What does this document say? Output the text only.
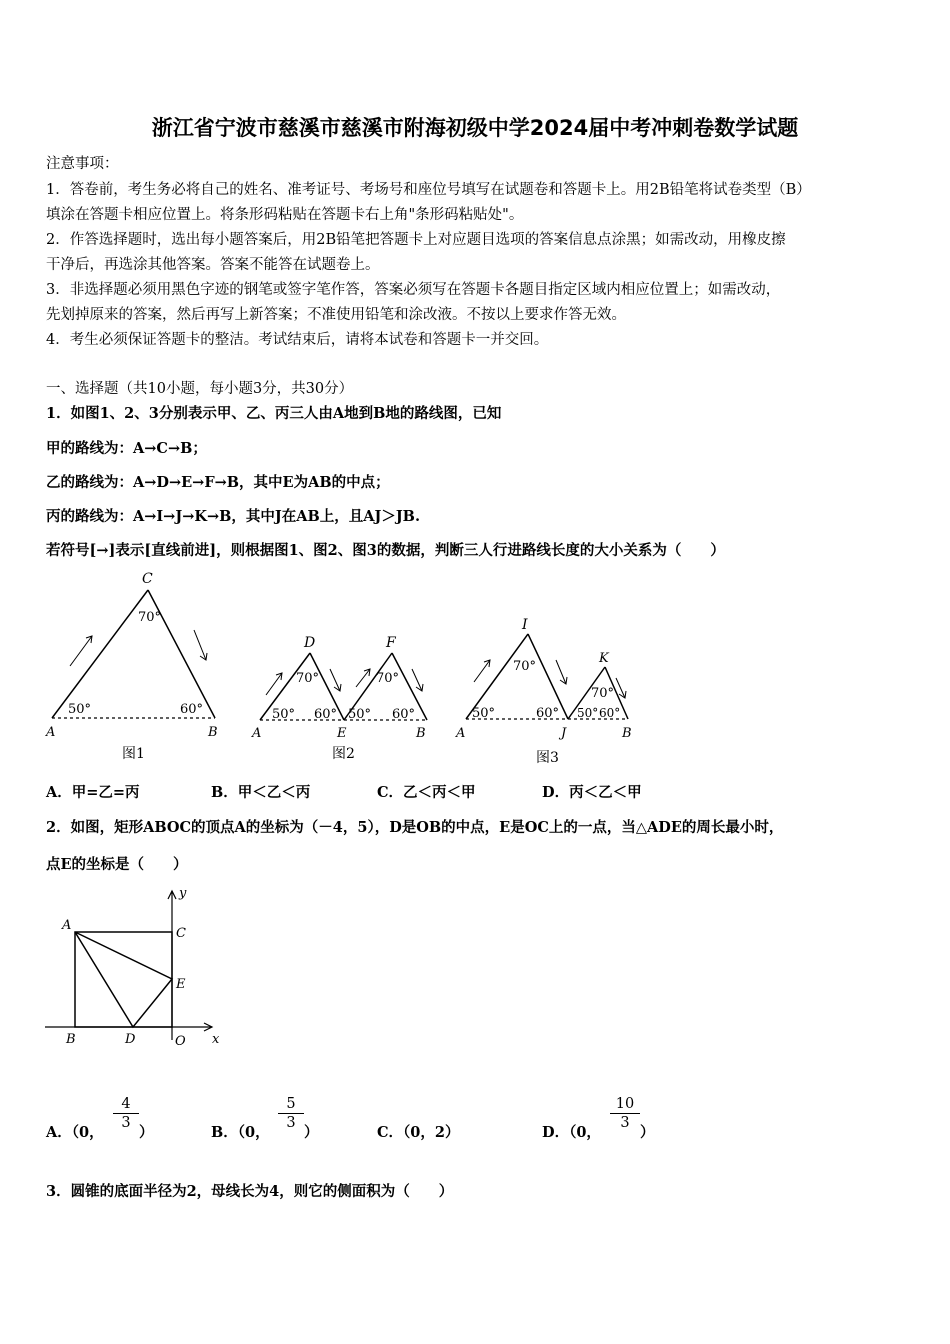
浙江省宁波市慈溪市慈溪市附海初级中学2024届中考冲刺卷数学试题
注意事项：
1．答卷前，考生务必将自己的姓名、准考证号、考场号和座位号填写在试题卷和答题卡上。用2B铅笔将试卷类型（B）
填涂在答题卡相应位置上。将条形码粘贴在答题卡右上角"条形码粘贴处"。
2．作答选择题时，选出每小题答案后，用2B铅笔把答题卡上对应题目选项的答案信息点涂黑；如需改动，用橡皮擦
干净后，再选涂其他答案。答案不能答在试题卷上。
3．非选择题必须用黑色字迹的钢笔或签字笔作答，答案必须写在答题卡各题目指定区域内相应位置上；如需改动，
先划掉原来的答案，然后再写上新答案；不准使用铅笔和涂改液。不按以上要求作答无效。
4．考生必须保证答题卡的整洁。考试结束后，请将本试卷和答题卡一并交回。
一、选择题（共10小题，每小题3分，共30分）
1．如图1、2、3分别表示甲、乙、丙三人由A地到B地的路线图，已知
甲的路线为：A→C→B；
乙的路线为：A→D→E→F→B，其中E为AB的中点；
丙的路线为：A→I→J→K→B，其中J在AB上，且AJ＞JB.
若符号[→]表示[直线前进]，则根据图1、图2、图3的数据，判断三人行进路线长度的大小关系为（　　）
C
70°
50°	60°
A	B
图1
D	F
70°	70°
50° 60° 50° 60°
A	E	B
图2
I
K
70°
70°
50°	60° 50° 60°
A	J	B
图3
A．甲=乙=丙	B．甲＜乙＜丙	C．乙＜丙＜甲	D．丙＜乙＜甲
2．如图，矩形ABOC的顶点A的坐标为（－4，5），D是OB的中点，E是OC上的一点，当△ADE的周长最小时，
点E的坐标是（　　）
y
A
C
E
B	D	O x
A．（0，
$\frac{4}{3}$
）	B．（0，
$\frac{5}{3}$
）	C．（0，2）	D．（0，
$\frac{10}{3}$
）
3．圆锥的底面半径为2，母线长为4，则它的侧面积为（　　）
